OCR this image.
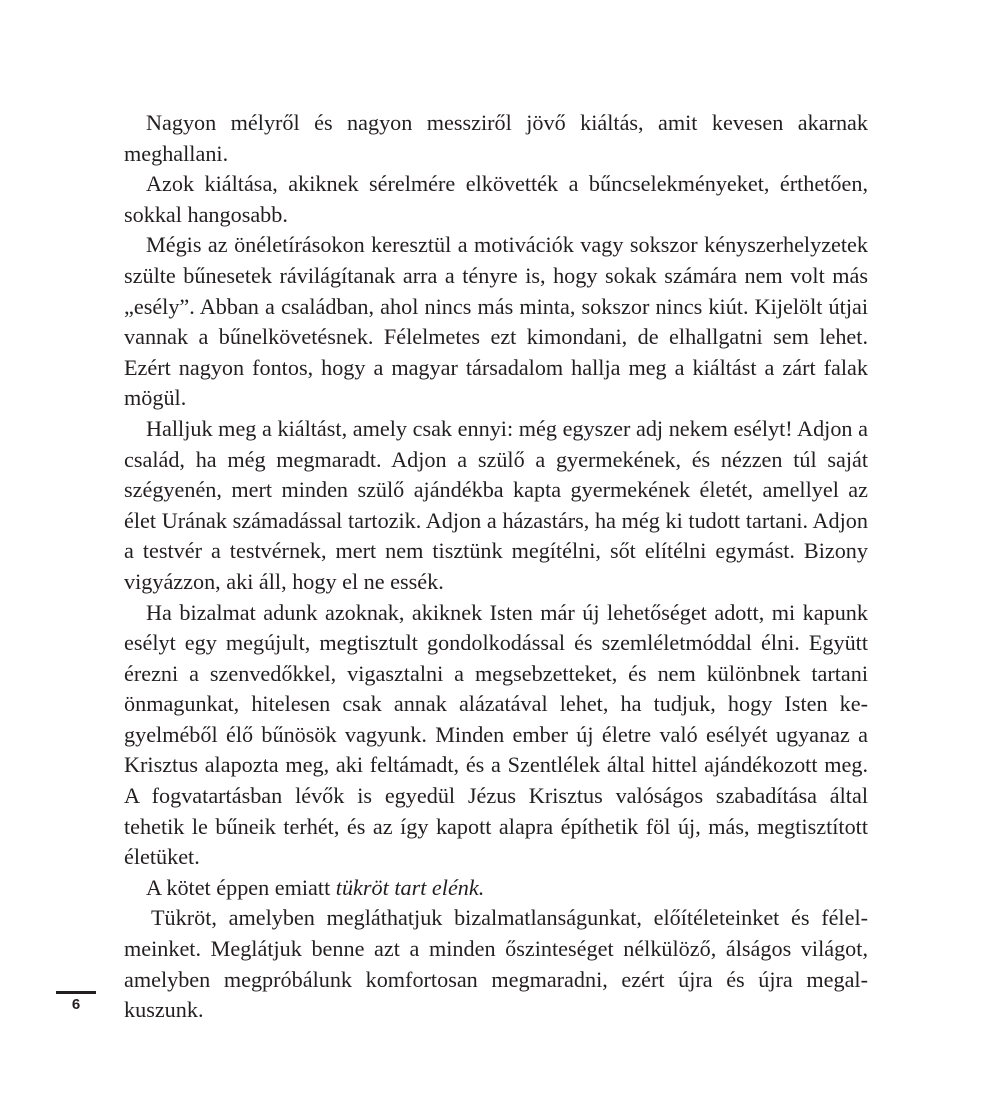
Nagyon mélyről és nagyon messziről jövő kiáltás, amit kevesen akarnak meghallani.

Azok kiáltása, akiknek sérelmére elkövették a bűncselekményeket, érthetően, sokkal hangosabb.

Mégis az önéletírásokon keresztül a motivációk vagy sokszor kényszerhelyzetek szülte bűnesetek rávilágítanak arra a tényre is, hogy sokak számára nem volt más „esély”. Abban a családban, ahol nincs más minta, sokszor nincs kiút. Kijelölt útjai vannak a bűnelkövetésnek. Félelmetes ezt kimondani, de elhallgatni sem lehet. Ezért nagyon fontos, hogy a magyar társadalom hallja meg a kiáltást a zárt falak mögül.

Halljuk meg a kiáltást, amely csak ennyi: még egyszer adj nekem esélyt! Adjon a család, ha még megmaradt. Adjon a szülő a gyermekének, és nézzen túl saját szégyenén, mert minden szülő ajándékba kapta gyermekének életét, amellyel az élet Urának számadással tartozik. Adjon a házastárs, ha még ki tudott tartani. Adjon a testvér a testvérnek, mert nem tisztünk megítélni, sőt elítélni egymást. Bizony vigyázzon, aki áll, hogy el ne essék.

Ha bizalmat adunk azoknak, akiknek Isten már új lehetőséget adott, mi kapunk esélyt egy megújult, megtisztult gondolkodással és szemléletmóddal élni. Együtt érezni a szenvedőkkel, vigasztalni a megsebzetteket, és nem különbnek tartani önmagunkat, hitelesen csak annak alázatával lehet, ha tudjuk, hogy Isten kegyelméből élő bűnösök vagyunk. Minden ember új életre való esélyét ugyanaz a Krisztus alapozta meg, aki feltámadt, és a Szentlélek által hittel ajándékozott meg. A fogvatartásban lévők is egyedül Jézus Krisztus valóságos szabadítása által tehetik le bűneik terhét, és az így kapott alapra építhetik föl új, más, megtisztított életüket.

A kötet éppen emiatt tükröt tart elénk.

Tükröt, amelyben megláthatjuk bizalmatlanságunkat, előítéleteinket és félelmeinket. Meglátjuk benne azt a minden őszinteséget nélkülöző, álságos világot, amelyben megpróbálunk komfortosan megmaradni, ezért újra és újra megalkuszunk.

6
